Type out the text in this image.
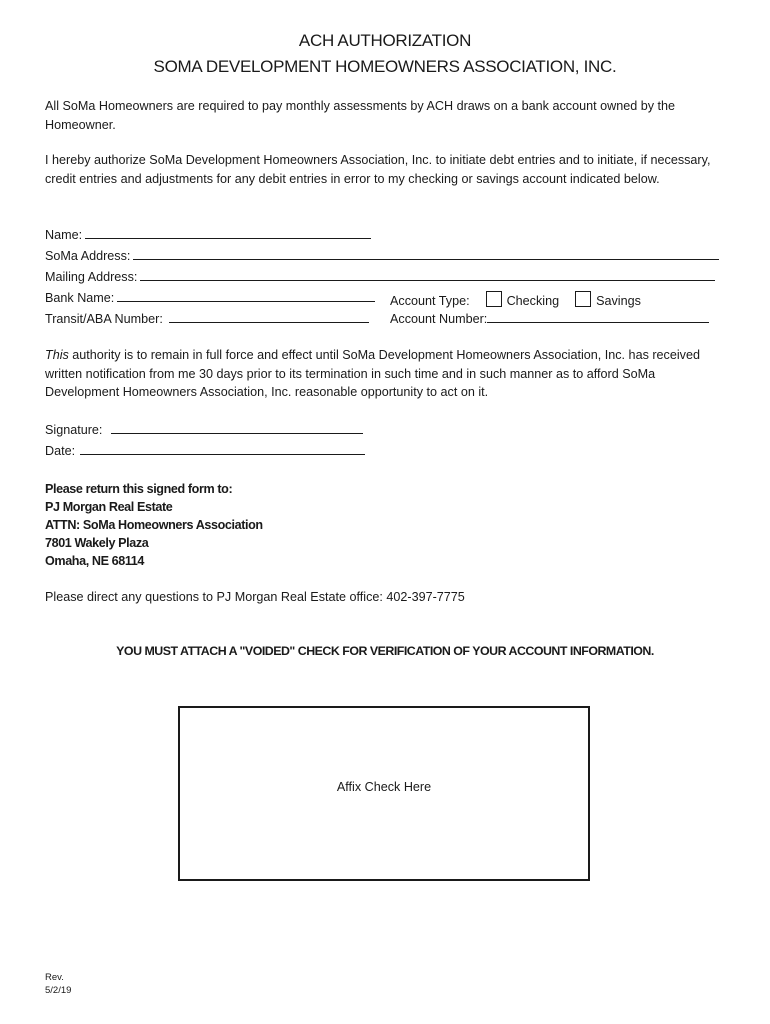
ACH AUTHORIZATION
SOMA DEVELOPMENT HOMEOWNERS ASSOCIATION, INC.
All SoMa Homeowners are required to pay monthly assessments by ACH draws on a bank account owned by the Homeowner.
I hereby authorize SoMa Development Homeowners Association, Inc. to initiate debt entries and to initiate, if necessary, credit entries and adjustments for any debit entries in error to my checking or savings account indicated below.
Name:
SoMa Address:
Mailing Address:
Bank Name:	Account Type:	Checking	Savings
Transit/ABA Number:	Account Number:
This authority is to remain in full force and effect until SoMa Development Homeowners Association, Inc. has received written notification from me 30 days prior to its termination in such time and in such manner as to afford SoMa Development Homeowners Association, Inc. reasonable opportunity to act on it.
Signature:
Date:
Please return this signed form to:
PJ Morgan Real Estate
ATTN: SoMa Homeowners Association
7801 Wakely Plaza
Omaha, NE 68114
Please direct any questions to PJ Morgan Real Estate office: 402-397-7775
YOU MUST ATTACH A "VOIDED" CHECK FOR VERIFICATION OF YOUR ACCOUNT INFORMATION.
Affix Check Here
Rev.
5/2/19
